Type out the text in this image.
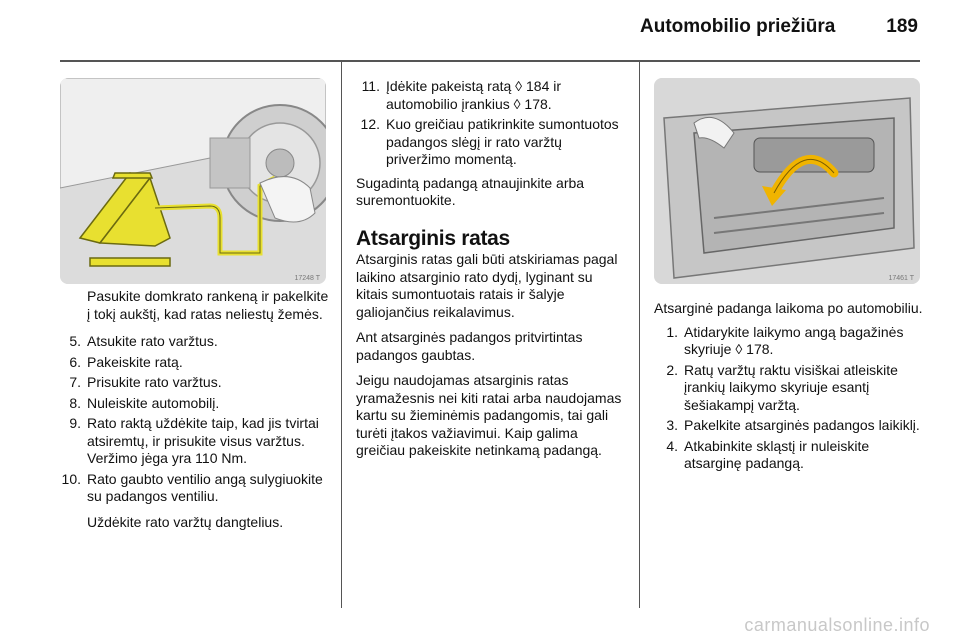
Automobilio priežiūra	189
17248 T

Pasukite domkrato rankeną ir pakelkite į tokį aukštį, kad ratas neliestų žemės.

5. Atsukite rato varžtus.
6. Pakeiskite ratą.
7. Prisukite rato varžtus.
8. Nuleiskite automobilį.
9. Rato raktą uždėkite taip, kad jis tvirtai atsiremtų, ir prisukite visus varžtus. Veržimo jėga yra 110 Nm.
10. Rato gaubto ventilio angą sulygiuokite su padangos ventiliu.

Uždėkite rato varžtų dangtelius.

11. Įdėkite pakeistą ratą ◊ 184 ir automobilio įrankius ◊ 178.
12. Kuo greičiau patikrinkite sumontuotos padangos slėgį ir rato varžtų priveržimo momentą.

Sugadintą padangą atnaujinkite arba suremontuokite.

Atsarginis ratas

Atsarginis ratas gali būti atskiriamas pagal laikino atsarginio rato dydį, lyginant su kitais sumontuotais ratais ir šalyje galiojančius reikalavimus.

Ant atsarginės padangos pritvirtintas padangos gaubtas.

Jeigu naudojamas atsarginis ratas yramažesnis nei kiti ratai arba naudojamas kartu su žieminėmis padangomis, tai gali turėti įtakos važiavimui. Kaip galima greičiau pakeiskite netinkamą padangą.

17461 T

Atsarginė padanga laikoma po automobiliu.

1. Atidarykite laikymo angą bagažinės skyriuje ◊ 178.
2. Ratų varžtų raktu visiškai atleiskite įrankių laikymo skyriuje esantį šešiakampį varžtą.
3. Pakelkite atsarginės padangos laikiklį.
4. Atkabinkite skląstį ir nuleiskite atsarginę padangą.
carmanualsonline.info
